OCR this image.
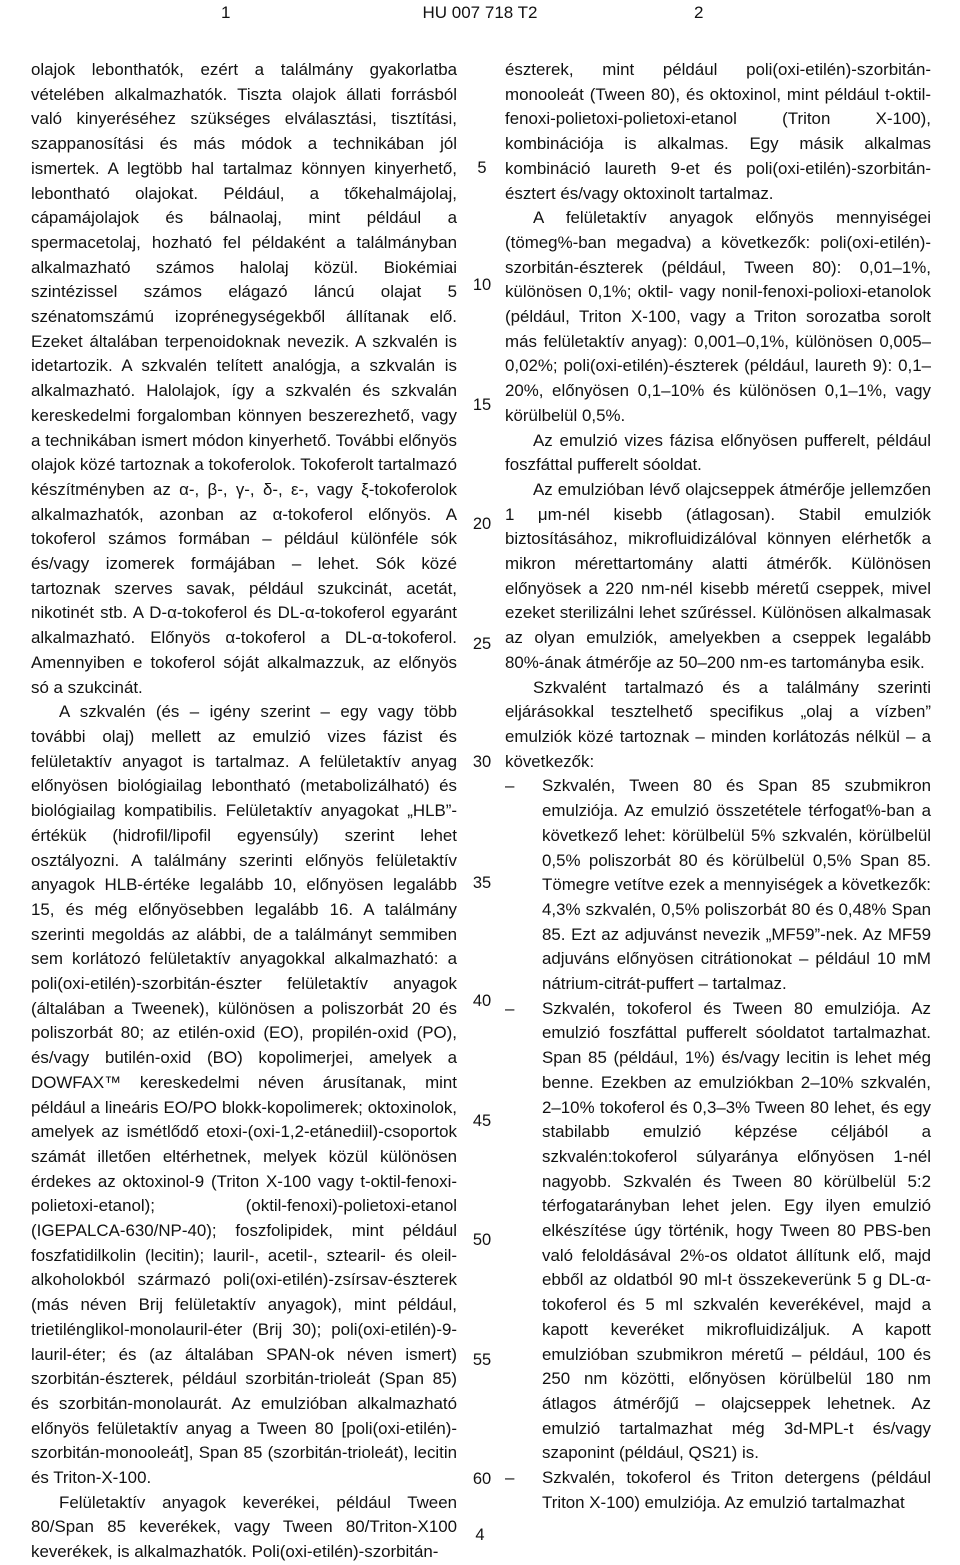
1	HU 007 718 T2	2

olajok lebonthatók, ezért a találmány gyakorlatba vételében alkalmazhatók. Tiszta olajok állati forrásból való kinyeréséhez szükséges elválasztási, tisztítási, szappanosítási és más módok a technikában jól ismertek. A legtöbb hal tartalmaz könnyen kinyerhető, lebontható olajokat. Például, a tőkehalmájolaj, cápamájolajok és bálnaolaj, mint például a spermacetolaj, hozható fel példaként a találmányban alkalmazható számos halolaj közül. Biokémiai szintézissel számos elágazó láncú olajat 5 szénatomszámú izoprénegységekből állítanak elő. Ezeket általában terpenoidoknak nevezik. A szkvalén is idetartozik. A szkvalén telített analógja, a szkvalán is alkalmazható. Halolajok, így a szkvalén és szkvalán kereskedelmi forgalomban könnyen beszerezhető, vagy a technikában ismert módon kinyerhető. További előnyös olajok közé tartoznak a tokoferolok. Tokoferolt tartalmazó készítményben az α-, β-, γ-, δ-, ε-, vagy ξ-tokoferolok alkalmazhatók, azonban az α-tokoferol előnyös. A tokoferol számos formában – például különféle sók és/vagy izomerek formájában – lehet. Sók közé tartoznak szerves savak, például szukcinát, acetát, nikotinét stb. A D-α-tokoferol és DL-α-tokoferol egyaránt alkalmazható. Előnyös α-tokoferol a DL-α-tokoferol. Amennyiben e tokoferol sóját alkalmazzuk, az előnyös só a szukcinát.

A szkvalén (és – igény szerint – egy vagy több további olaj) mellett az emulzió vizes fázist és felületaktív anyagot is tartalmaz. A felületaktív anyag előnyösen biológiailag lebontható (metabolizálható) és biológiailag kompatibilis. Felületaktív anyagokat „HLB”-értékük (hidrofil/lipofil egyensúly) szerint lehet osztályozni. A találmány szerinti előnyös felületaktív anyagok HLB-értéke legalább 10, előnyösen legalább 15, és még előnyösebben legalább 16. A találmány szerinti megoldás az alábbi, de a találmányt semmiben sem korlátozó felületaktív anyagokkal alkalmazható: a poli(oxi-etilén)-szorbitán-észter felületaktív anyagok (általában a Tweenek), különösen a poliszorbát 20 és poliszorbát 80; az etilén-oxid (EO), propilén-oxid (PO), és/vagy butilén-oxid (BO) kopolimerjei, amelyek a DOWFAX™ kereskedelmi néven árusítanak, mint például a lineáris EO/PO blokk-kopolimerek; oktoxinolok, amelyek az ismétlődő etoxi-(oxi-1,2-etánediil)-csoportok számát illetően eltérhetnek, melyek közül különösen érdekes az oktoxinol-9 (Triton X-100 vagy t-oktil-fenoxi-polietoxi-etanol); (oktil-fenoxi)-polietoxi-etanol (IGEPALCA-630/NP-40); foszfolipidek, mint például foszfatidilkolin (lecitin); lauril-, acetil-, sztearil- és oleil-alkoholokból származó poli(oxi-etilén)-zsírsav-észterek (más néven Brij felületaktív anyagok), mint például, trietilénglikol-monolauril-éter (Brij 30); poli(oxi-etilén)-9-lauril-éter; és (az általában SPAN-ok néven ismert) szorbitán-észterek, például szorbitán-trioleát (Span 85) és szorbitán-monolaurát. Az emulzióban alkalmazható előnyös felületaktív anyag a Tween 80 [poli(oxi-etilén)-szorbitán-monooleát], Span 85 (szorbitán-trioleát), lecitin és Triton-X-100.

Felületaktív anyagok keverékei, például Tween 80/Span 85 keverékek, vagy Tween 80/Triton-X100 keverékek, is alkalmazhatók. Poli(oxi-etilén)-szorbitán-

észterek, mint például poli(oxi-etilén)-szorbitán-monooleát (Tween 80), és oktoxinol, mint például t-oktil-fenoxi-polietoxi-polietoxi-etanol (Triton X-100), kombinációja is alkalmas. Egy másik alkalmas kombináció laureth 9-et és poli(oxi-etilén)-szorbitán-észtert és/vagy oktoxinolt tartalmaz.

A felületaktív anyagok előnyös mennyiségei (tömeg%-ban megadva) a következők: poli(oxi-etilén)-szorbitán-észterek (például, Tween 80): 0,01–1%, különösen 0,1%; oktil- vagy nonil-fenoxi-polioxi-etanolok (például, Triton X-100, vagy a Triton sorozatba sorolt más felületaktív anyag): 0,001–0,1%, különösen 0,005–0,02%; poli(oxi-etilén)-észterek (például, laureth 9): 0,1–20%, előnyösen 0,1–10% és különösen 0,1–1%, vagy körülbelül 0,5%.

Az emulzió vizes fázisa előnyösen pufferelt, például foszfáttal pufferelt sóoldat.

Az emulzióban lévő olajcseppek átmérője jellemzően 1 μm-nél kisebb (átlagosan). Stabil emulziók biztosításához, mikrofluidizálóval könnyen elérhetők a mikron mérettartomány alatti átmérők. Különösen előnyösek a 220 nm-nél kisebb méretű cseppek, mivel ezeket sterilizálni lehet szűréssel. Különösen alkalmasak az olyan emulziók, amelyekben a cseppek legalább 80%-ának átmérője az 50–200 nm-es tartományba esik.

Szkvalént tartalmazó és a találmány szerinti eljárásokkal tesztelhető specifikus „olaj a vízben” emulziók közé tartoznak – minden korlátozás nélkül – a következők:

– Szkvalén, Tween 80 és Span 85 szubmikron emulziója. Az emulzió összetétele térfogat%-ban a következő lehet: körülbelül 5% szkvalén, körülbelül 0,5% poliszorbát 80 és körülbelül 0,5% Span 85. Tömegre vetítve ezek a mennyiségek a következők: 4,3% szkvalén, 0,5% poliszorbát 80 és 0,48% Span 85. Ezt az adjuvánst nevezik „MF59”-nek. Az MF59 adjuváns előnyösen citrátionokat – például 10 mM nátrium-citrát-puffert – tartalmaz.
– Szkvalén, tokoferol és Tween 80 emulziója. Az emulzió foszfáttal pufferelt sóoldatot tartalmazhat. Span 85 (például, 1%) és/vagy lecitin is lehet még benne. Ezekben az emulziókban 2–10% szkvalén, 2–10% tokoferol és 0,3–3% Tween 80 lehet, és egy stabilabb emulzió képzése céljából a szkvalén:tokoferol súlyaránya előnyösen 1-nél nagyobb. Szkvalén és Tween 80 körülbelül 5:2 térfogatarányban lehet jelen. Egy ilyen emulzió elkészítése úgy történik, hogy Tween 80 PBS-ben való feloldásával 2%-os oldatot állítunk elő, majd ebből az oldatból 90 ml-t összekeverünk 5 g DL-α-tokoferol és 5 ml szkvalén keverékével, majd a kapott keveréket mikrofluidizáljuk. A kapott emulzióban szubmikron méretű – például, 100 és 250 nm közötti, előnyösen körülbelül 180 nm átlagos átmérőjű – olajcseppek lehetnek. Az emulzió tartalmazhat még 3d-MPL-t és/vagy szaponint (például, QS21) is.
– Szkvalén, tokoferol és Triton detergens (például Triton X-100) emulziója. Az emulzió tartalmazhat
5
10
15
20
25
30
35
40
45
50
55
60
4
